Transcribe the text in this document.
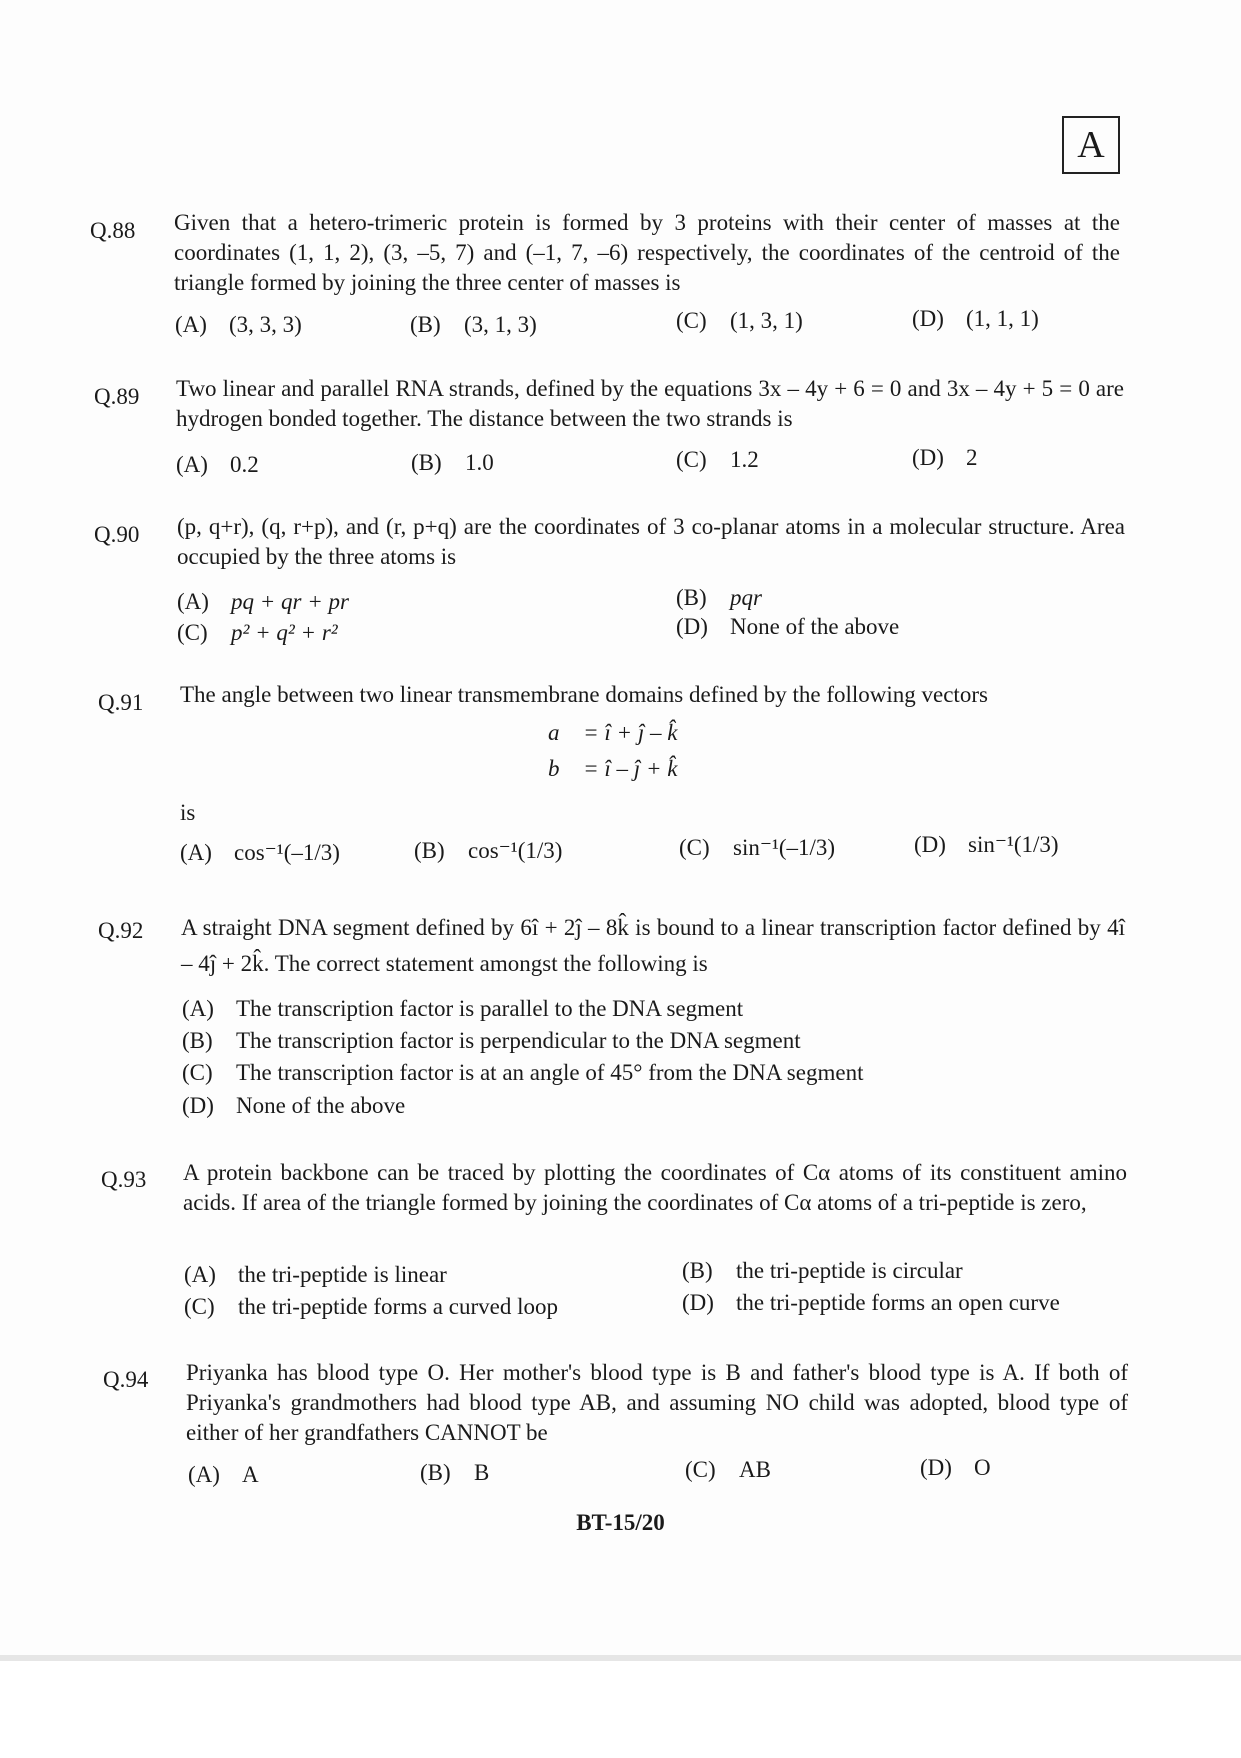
A
Q.88 Given that a hetero-trimeric protein is formed by 3 proteins with their center of masses at the coordinates (1, 1, 2), (3, –5, 7) and (–1, 7, –6) respectively, the coordinates of the centroid of the triangle formed by joining the three center of masses is
(A) (3, 3, 3)	(B) (3, 1, 3)	(C) (1, 3, 1)	(D) (1, 1, 1)
Q.89 Two linear and parallel RNA strands, defined by the equations 3x – 4y + 6 = 0 and 3x – 4y + 5 = 0 are hydrogen bonded together. The distance between the two strands is
(A) 0.2	(B) 1.0	(C) 1.2	(D) 2
Q.90 (p, q+r), (q, r+p), and (r, p+q) are the coordinates of 3 co-planar atoms in a molecular structure. Area occupied by the three atoms is
(A) pq + qr + pr	(B) pqr
(C) p² + q² + r²	(D) None of the above
Q.91 The angle between two linear transmembrane domains defined by the following vectors
a⃗ = î + ĵ – k̂
b⃗ = î – ĵ + k̂
is
(A) cos⁻¹(–1/3)	(B) cos⁻¹(1/3)	(C) sin⁻¹(–1/3)	(D) sin⁻¹(1/3)
Q.92 A straight DNA segment defined by 6î + 2ĵ – 8k̂ is bound to a linear transcription factor defined by 4î – 4ĵ + 2k̂. The correct statement amongst the following is
(A) The transcription factor is parallel to the DNA segment
(B) The transcription factor is perpendicular to the DNA segment
(C) The transcription factor is at an angle of 45° from the DNA segment
(D) None of the above
Q.93 A protein backbone can be traced by plotting the coordinates of Cα atoms of its constituent amino acids. If area of the triangle formed by joining the coordinates of Cα atoms of a tri-peptide is zero,
(A) the tri-peptide is linear	(B) the tri-peptide is circular
(C) the tri-peptide forms a curved loop	(D) the tri-peptide forms an open curve
Q.94 Priyanka has blood type O. Her mother's blood type is B and father's blood type is A. If both of Priyanka's grandmothers had blood type AB, and assuming NO child was adopted, blood type of either of her grandfathers CANNOT be
(A) A	(B) B	(C) AB	(D) O
BT-15/20
